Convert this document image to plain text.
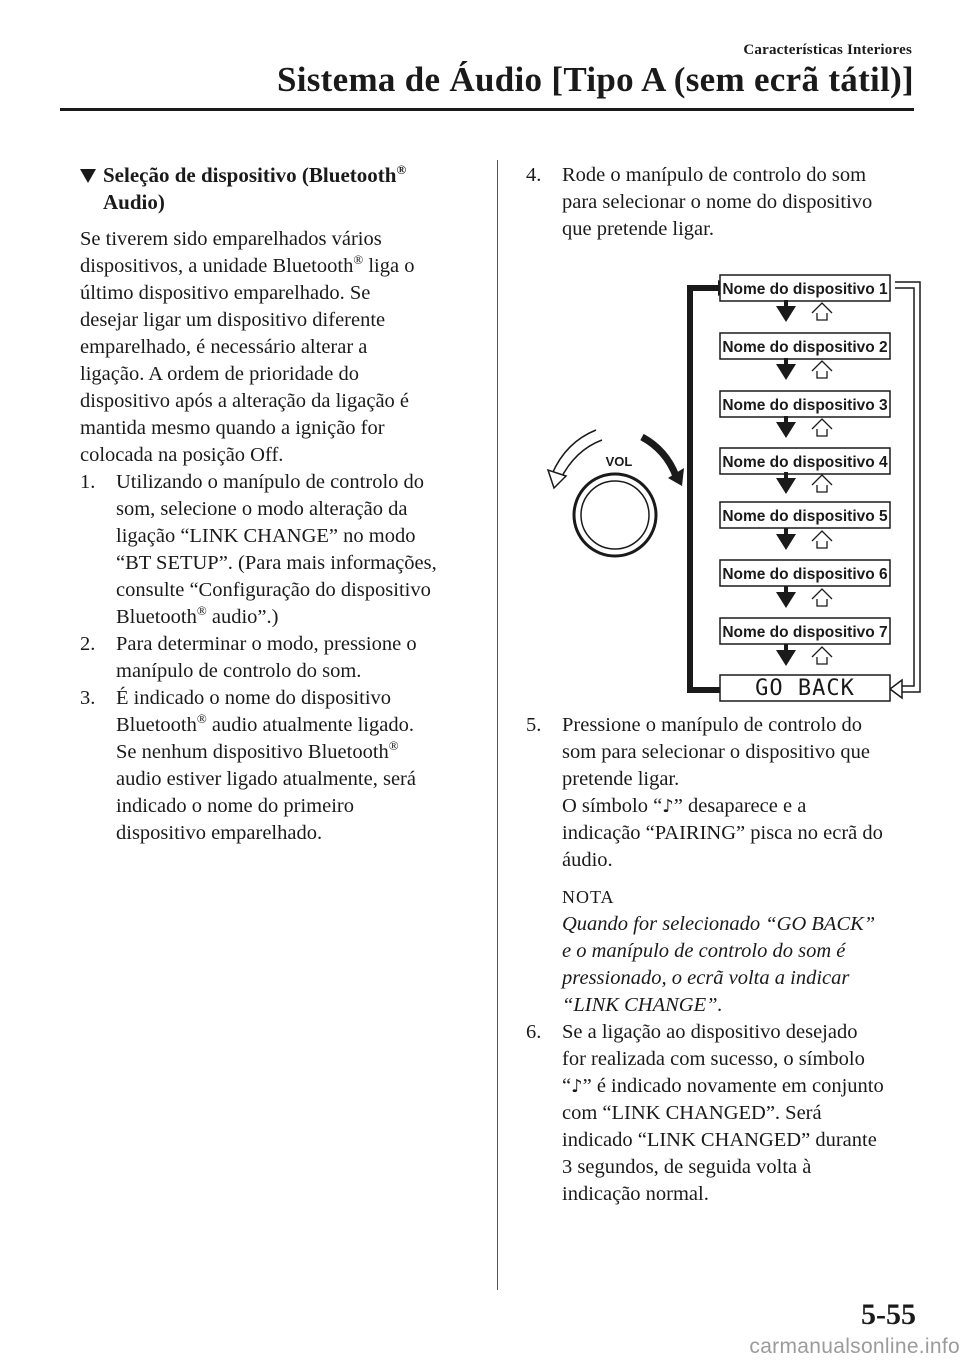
Características Interiores
Sistema de Áudio [Tipo A (sem ecrã tátil)]
Seleção de dispositivo (Bluetooth®
Audio)

Se tiverem sido emparelhados vários
dispositivos, a unidade Bluetooth® liga o
último dispositivo emparelhado. Se
desejar ligar um dispositivo diferente
emparelhado, é necessário alterar a
ligação. A ordem de prioridade do
dispositivo após a alteração da ligação é
mantida mesmo quando a ignição for
colocada na posição Off.

1. Utilizando o manípulo de controlo do
som, selecione o modo alteração da
ligação “LINK CHANGE” no modo
“BT SETUP”. (Para mais informações,
consulte “Configuração do dispositivo
Bluetooth® audio”.)
2. Para determinar o modo, pressione o
manípulo de controlo do som.
3. É indicado o nome do dispositivo
Bluetooth® audio atualmente ligado.
Se nenhum dispositivo Bluetooth®
audio estiver ligado atualmente, será
indicado o nome do primeiro
dispositivo emparelhado.
4. Rode o manípulo de controlo do som
para selecionar o nome do dispositivo
que pretende ligar.
VOL
Nome do dispositivo 1
Nome do dispositivo 2
Nome do dispositivo 3
Nome do dispositivo 4
Nome do dispositivo 5
Nome do dispositivo 6
Nome do dispositivo 7
GO BACK
5. Pressione o manípulo de controlo do
som para selecionar o dispositivo que
pretende ligar.
O símbolo “♪” desaparece e a
indicação “PAIRING” pisca no ecrã do
áudio.
NOTA
Quando for selecionado “GO BACK”
e o manípulo de controlo do som é
pressionado, o ecrã volta a indicar
“LINK CHANGE”.
6. Se a ligação ao dispositivo desejado
for realizada com sucesso, o símbolo
“♪” é indicado novamente em conjunto
com “LINK CHANGED”. Será
indicado “LINK CHANGED” durante
3 segundos, de seguida volta à
indicação normal.
5-55
carmanualsonline.info
